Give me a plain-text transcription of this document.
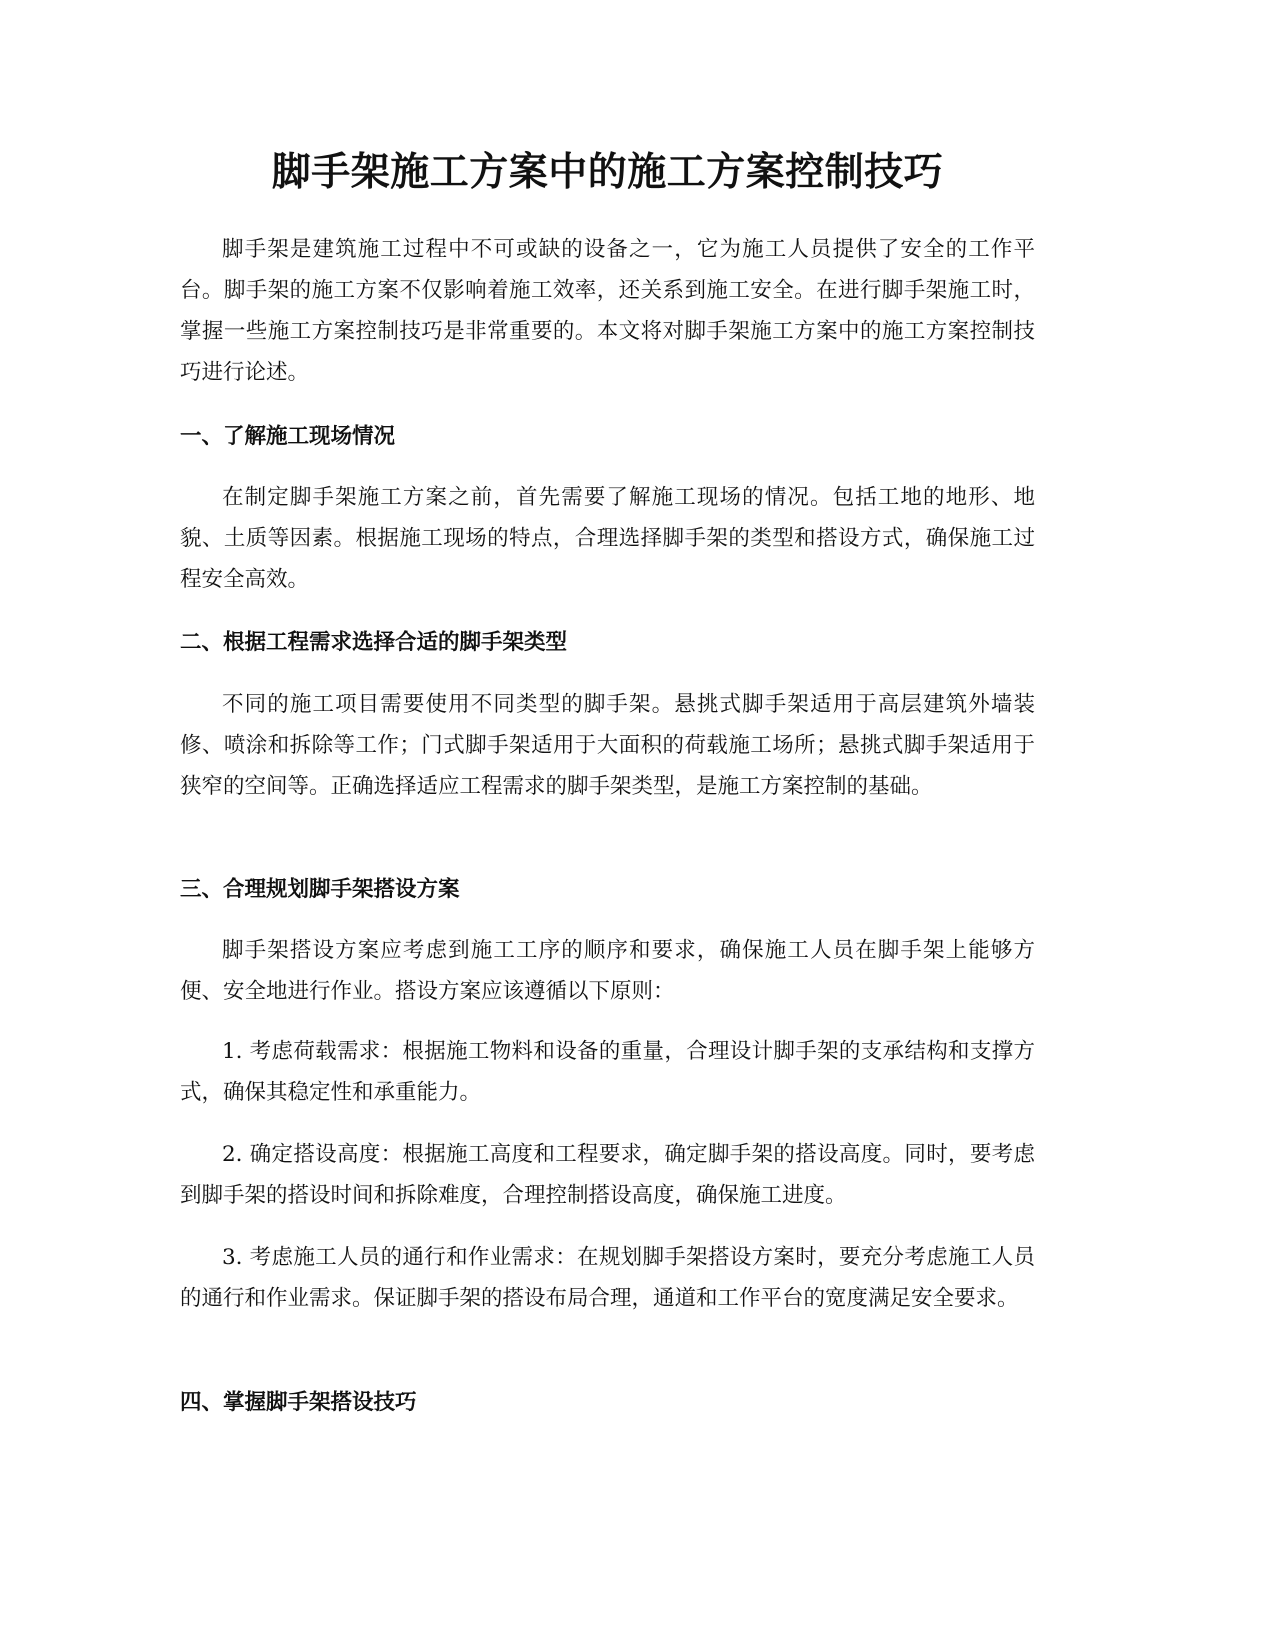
脚手架施工方案中的施工方案控制技巧

脚手架是建筑施工过程中不可或缺的设备之一，它为施工人员提供了安全的工作平台。脚手架的施工方案不仅影响着施工效率，还关系到施工安全。在进行脚手架施工时，掌握一些施工方案控制技巧是非常重要的。本文将对脚手架施工方案中的施工方案控制技巧进行论述。

一、了解施工现场情况

在制定脚手架施工方案之前，首先需要了解施工现场的情况。包括工地的地形、地貌、土质等因素。根据施工现场的特点，合理选择脚手架的类型和搭设方式，确保施工过程安全高效。

二、根据工程需求选择合适的脚手架类型

不同的施工项目需要使用不同类型的脚手架。悬挑式脚手架适用于高层建筑外墙装修、喷涂和拆除等工作；门式脚手架适用于大面积的荷载施工场所；悬挑式脚手架适用于狭窄的空间等。正确选择适应工程需求的脚手架类型，是施工方案控制的基础。

三、合理规划脚手架搭设方案

脚手架搭设方案应考虑到施工工序的顺序和要求，确保施工人员在脚手架上能够方便、安全地进行作业。搭设方案应该遵循以下原则：

1. 考虑荷载需求：根据施工物料和设备的重量，合理设计脚手架的支承结构和支撑方式，确保其稳定性和承重能力。

2. 确定搭设高度：根据施工高度和工程要求，确定脚手架的搭设高度。同时，要考虑到脚手架的搭设时间和拆除难度，合理控制搭设高度，确保施工进度。

3. 考虑施工人员的通行和作业需求：在规划脚手架搭设方案时，要充分考虑施工人员的通行和作业需求。保证脚手架的搭设布局合理，通道和工作平台的宽度满足安全要求。

四、掌握脚手架搭设技巧
